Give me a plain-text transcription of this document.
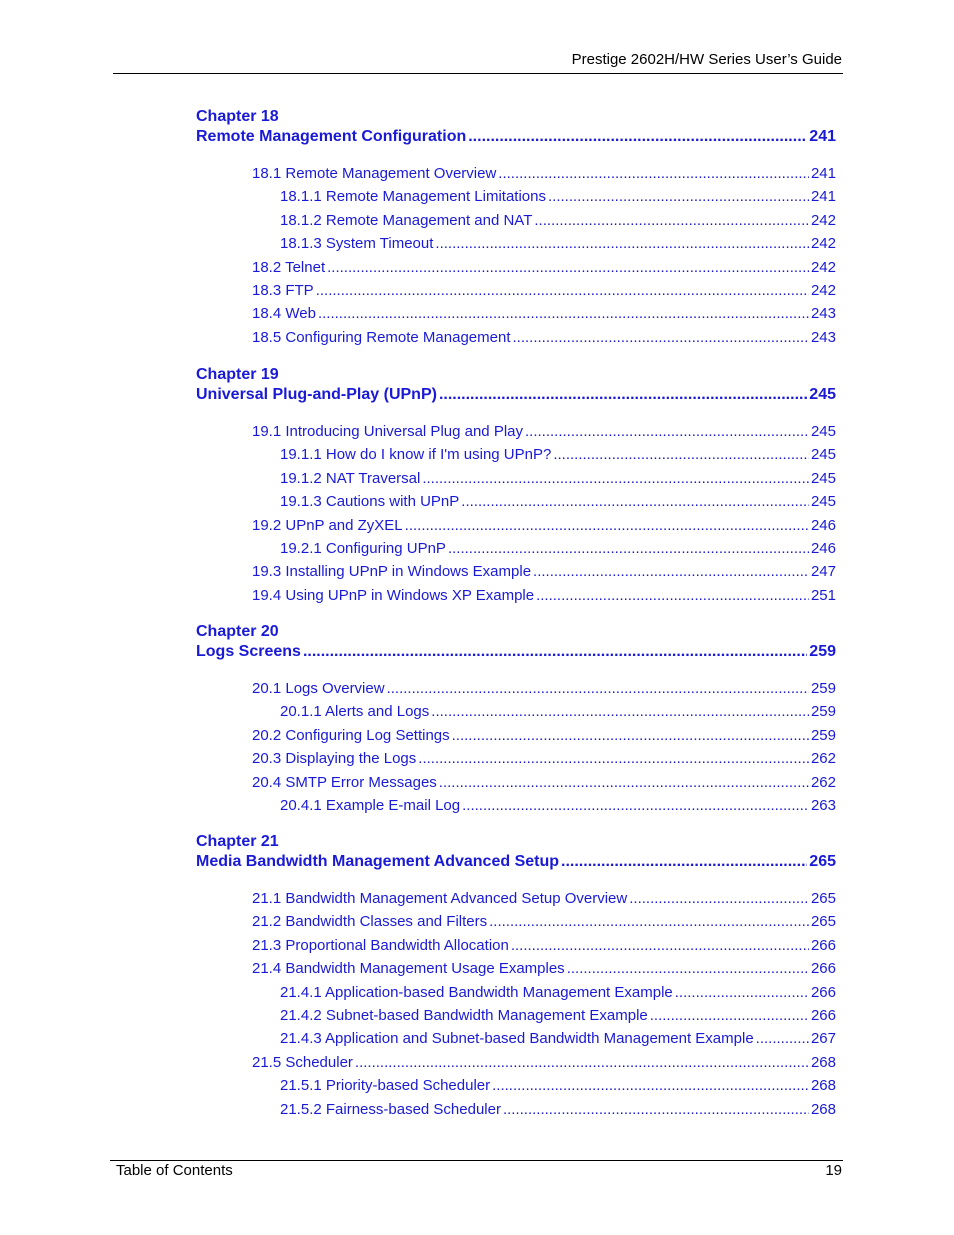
Prestige 2602H/HW Series User’s Guide
Chapter 18
Remote Management Configuration .....	241
18.1 Remote Management Overview .....	241
18.1.1 Remote Management Limitations .....	241
18.1.2 Remote Management and NAT .....	242
18.1.3 System Timeout .....	242
18.2 Telnet .....	242
18.3 FTP .....	242
18.4 Web .....	243
18.5 Configuring Remote Management .....	243
Chapter 19
Universal Plug-and-Play (UPnP) .....	245
19.1 Introducing Universal Plug and Play .....	245
19.1.1 How do I know if I'm using UPnP? .....	245
19.1.2 NAT Traversal .....	245
19.1.3 Cautions with UPnP .....	245
19.2 UPnP and ZyXEL .....	246
19.2.1 Configuring UPnP .....	246
19.3 Installing UPnP in Windows Example .....	247
19.4 Using UPnP in Windows XP Example .....	251
Chapter 20
Logs Screens .....	259
20.1 Logs Overview .....	259
20.1.1 Alerts and Logs .....	259
20.2 Configuring Log Settings .....	259
20.3 Displaying the Logs .....	262
20.4 SMTP Error Messages .....	262
20.4.1 Example E-mail Log .....	263
Chapter 21
Media Bandwidth Management Advanced Setup .....	265
21.1 Bandwidth Management Advanced Setup Overview .....	265
21.2 Bandwidth Classes and Filters .....	265
21.3 Proportional Bandwidth Allocation .....	266
21.4 Bandwidth Management Usage Examples .....	266
21.4.1 Application-based Bandwidth Management Example .....	266
21.4.2 Subnet-based Bandwidth Management Example .....	266
21.4.3 Application and Subnet-based Bandwidth Management Example .....	267
21.5 Scheduler .....	268
21.5.1 Priority-based Scheduler .....	268
21.5.2 Fairness-based Scheduler .....	268
Table of Contents	19
